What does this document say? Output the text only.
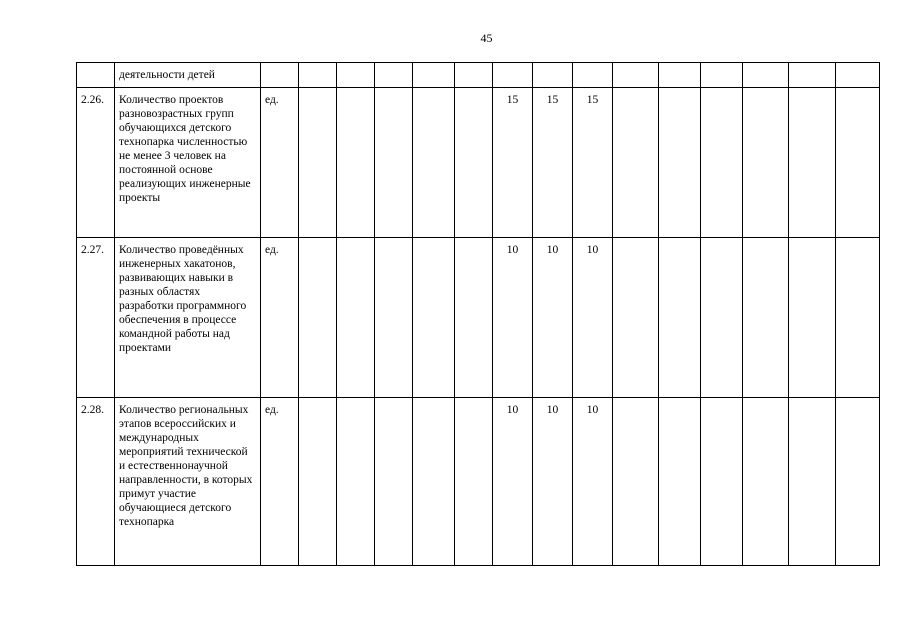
45
	деятельности детей															
2.26.	Количество проектов разновозрастных групп обучающихся детского технопарка численностью не менее 3 человек на постоянной основе реализующих инженерные проекты	ед.						15	15	15						
2.27.	Количество проведённых инженерных хакатонов, развивающих навыки в разных областях разработки программного обеспечения в процессе командной работы над проектами	ед.						10	10	10						
2.28.	Количество региональных этапов всероссийских и международных мероприятий технической и естественнонаучной направленности, в которых примут участие обучающиеся детского технопарка	ед.						10	10	10						
